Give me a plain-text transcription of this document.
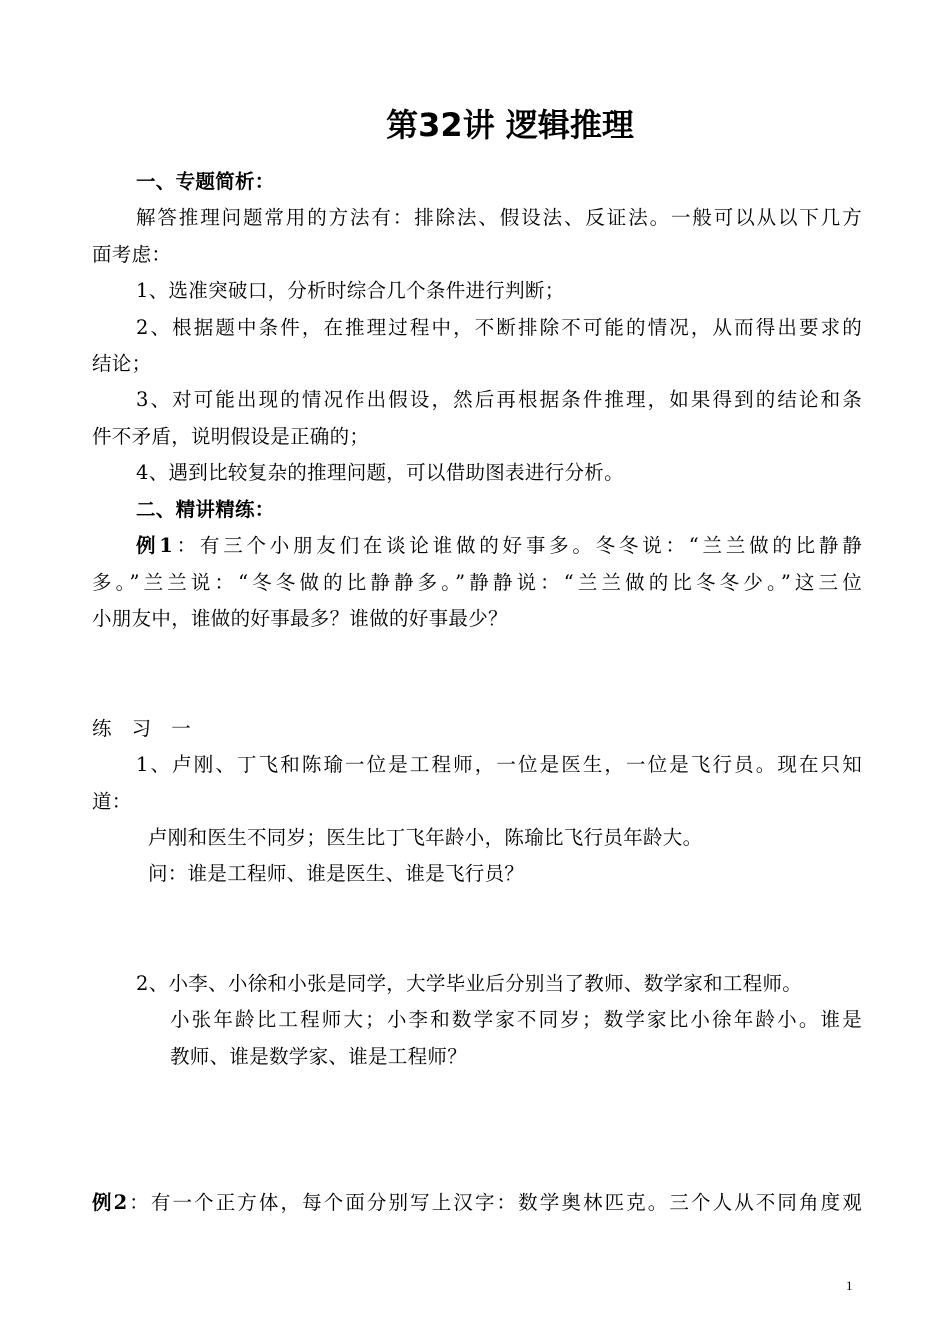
第32讲 逻辑推理
一、专题简析：
解答推理问题常用的方法有：排除法、假设法、反证法。一般可以从以下几方
面考虑：
1、选准突破口，分析时综合几个条件进行判断；
2、根据题中条件，在推理过程中，不断排除不可能的情况，从而得出要求的
结论；
3、对可能出现的情况作出假设，然后再根据条件推理，如果得到的结论和条
件不矛盾，说明假设是正确的；
4、遇到比较复杂的推理问题，可以借助图表进行分析。
二、精讲精练：
例1：有三个小朋友们在谈论谁做的好事多。冬冬说：“兰兰做的比静静
多。”兰兰说：“冬冬做的比静静多。”静静说：“兰兰做的比冬冬少。”这三位
小朋友中，谁做的好事最多？谁做的好事最少？
练　习　一
1、卢刚、丁飞和陈瑜一位是工程师，一位是医生，一位是飞行员。现在只知
道：
卢刚和医生不同岁；医生比丁飞年龄小，陈瑜比飞行员年龄大。
问：谁是工程师、谁是医生、谁是飞行员？
2、小李、小徐和小张是同学，大学毕业后分别当了教师、数学家和工程师。
小张年龄比工程师大；小李和数学家不同岁；数学家比小徐年龄小。谁是
教师、谁是数学家、谁是工程师？
例2：有一个正方体，每个面分别写上汉字：数学奥林匹克。三个人从不同角度观
1
